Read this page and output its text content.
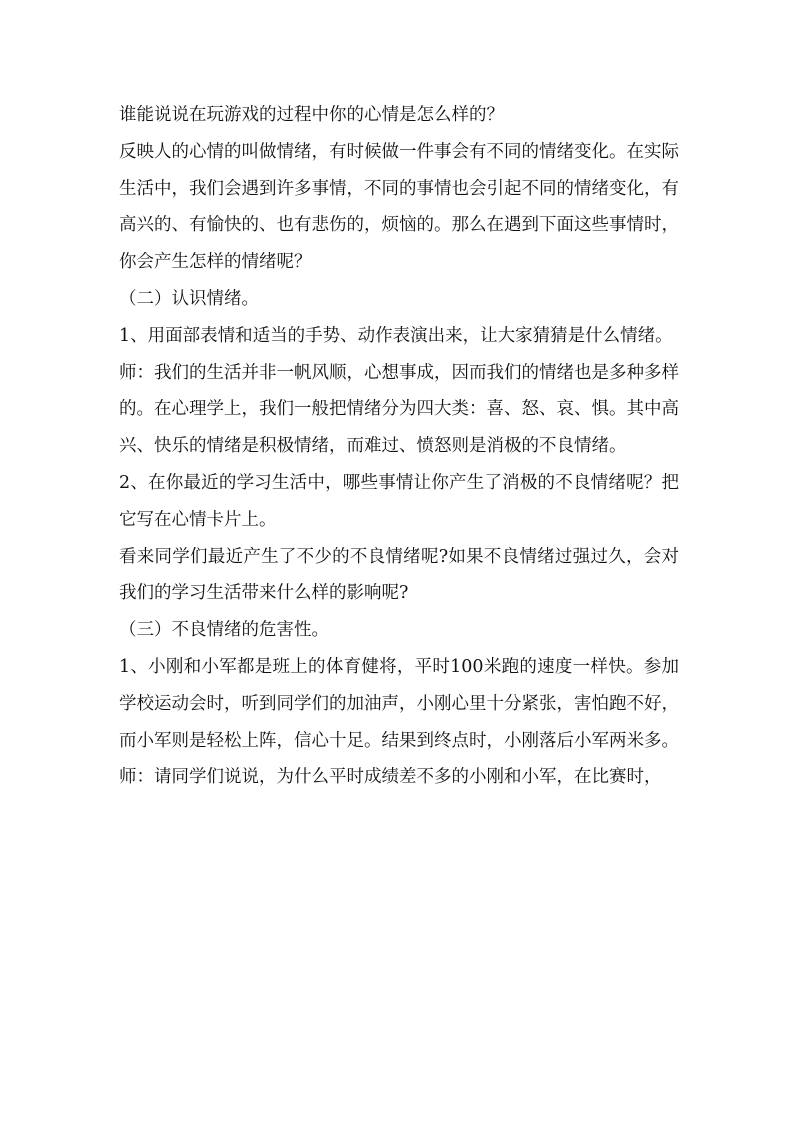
谁能说说在玩游戏的过程中你的心情是怎么样的？

反映人的心情的叫做情绪，有时候做一件事会有不同的情绪变化。在实际生活中，我们会遇到许多事情，不同的事情也会引起不同的情绪变化，有高兴的、有愉快的、也有悲伤的，烦恼的。那么在遇到下面这些事情时，你会产生怎样的情绪呢？

（二）认识情绪。

1、用面部表情和适当的手势、动作表演出来，让大家猜猜是什么情绪。

师：我们的生活并非一帆风顺，心想事成，因而我们的情绪也是多种多样的。在心理学上，我们一般把情绪分为四大类：喜、怒、哀、惧。其中高兴、快乐的情绪是积极情绪，而难过、愤怒则是消极的不良情绪。

2、在你最近的学习生活中，哪些事情让你产生了消极的不良情绪呢？把它写在心情卡片上。

看来同学们最近产生了不少的不良情绪呢?如果不良情绪过强过久，会对我们的学习生活带来什么样的影响呢?

（三）不良情绪的危害性。

1、小刚和小军都是班上的体育健将，平时100米跑的速度一样快。参加学校运动会时，听到同学们的加油声，小刚心里十分紧张，害怕跑不好，而小军则是轻松上阵，信心十足。结果到终点时，小刚落后小军两米多。

师：请同学们说说，为什么平时成绩差不多的小刚和小军，在比赛时，
